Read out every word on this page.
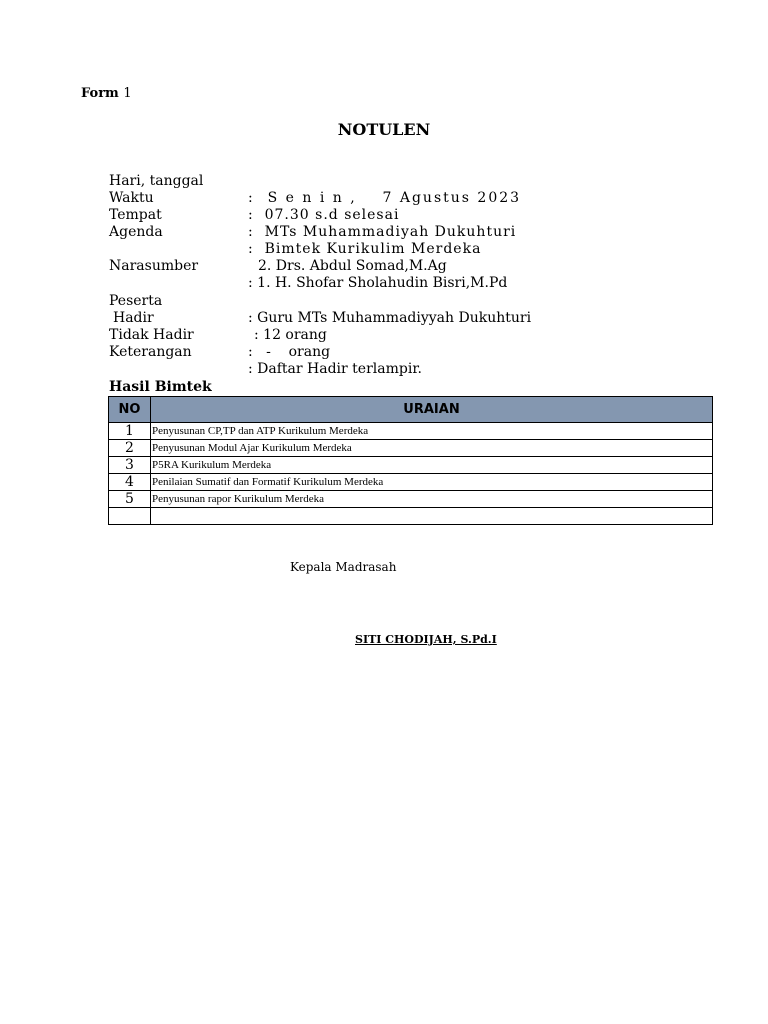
Form 1
NOTULEN

Hari, tanggal

:  S e n i n ,    7 Agustus 2023

Waktu

:  07.30 s.d selesai

Tempat

:  MTs Muhammadiyah Dukuhturi

Agenda

:  Bimtek Kurikulim Merdeka

Narasumber

: 1. H. Shofar Sholahudin Bisri,M.Pd

2. Drs. Abdul Somad,M.Ag

Peserta

: Guru MTs Muhammadiyyah Dukuhturi

Hadir

: 12 orang

Tidak Hadir

:   -    orang

Keterangan

: Daftar Hadir terlampir.

Hasil Bimtek

NO	URAIAN
1	Penyusunan CP,TP dan ATP Kurikulum Merdeka
2	Penyusunan Modul Ajar Kurikulum Merdeka
3	P5RA Kurikulum Merdeka
4	Penilaian Sumatif dan Formatif Kurikulum Merdeka
5	Penyusunan rapor Kurikulum Merdeka

Kepala Madrasah
SITI CHODIJAH, S.Pd.I
